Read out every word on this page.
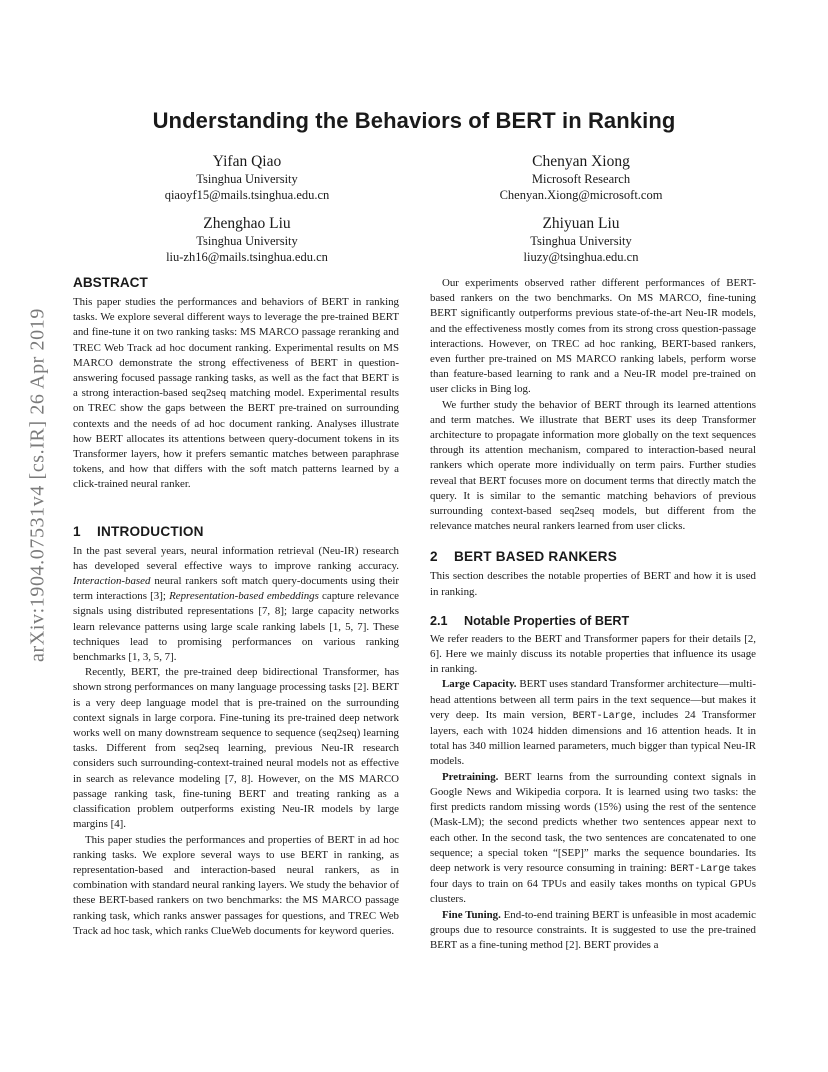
Understanding the Behaviors of BERT in Ranking
Yifan Qiao
Tsinghua University
qiaoyf15@mails.tsinghua.edu.cn
Chenyan Xiong
Microsoft Research
Chenyan.Xiong@microsoft.com
Zhenghao Liu
Tsinghua University
liu-zh16@mails.tsinghua.edu.cn
Zhiyuan Liu
Tsinghua University
liuzy@tsinghua.edu.cn
arXiv:1904.07531v4 [cs.IR] 26 Apr 2019
ABSTRACT

This paper studies the performances and behaviors of BERT in ranking tasks. We explore several different ways to leverage the pre-trained BERT and fine-tune it on two ranking tasks: MS MARCO passage reranking and TREC Web Track ad hoc document ranking. Experimental results on MS MARCO demonstrate the strong effectiveness of BERT in question-answering focused passage ranking tasks, as well as the fact that BERT is a strong interaction-based seq2seq matching model. Experimental results on TREC show the gaps between the BERT pre-trained on surrounding contexts and the needs of ad hoc document ranking. Analyses illustrate how BERT allocates its attentions between query-document tokens in its Transformer layers, how it prefers semantic matches between paraphrase tokens, and how that differs with the soft match patterns learned by a click-trained neural ranker.

1 INTRODUCTION

In the past several years, neural information retrieval (Neu-IR) research has developed several effective ways to improve ranking accuracy. Interaction-based neural rankers soft match query-documents using their term interactions [3]; Representation-based embeddings capture relevance signals using distributed representations [7, 8]; large capacity networks learn relevance patterns using large scale ranking labels [1, 5, 7]. These techniques lead to promising performances on various ranking benchmarks [1, 3, 5, 7].

Recently, BERT, the pre-trained deep bidirectional Transformer, has shown strong performances on many language processing tasks [2]. BERT is a very deep language model that is pre-trained on the surrounding context signals in large corpora. Fine-tuning its pre-trained deep network works well on many downstream sequence to sequence (seq2seq) learning tasks. Different from seq2seq learning, previous Neu-IR research considers such surrounding-context-trained neural models not as effective in search as relevance modeling [7, 8]. However, on the MS MARCO passage ranking task, fine-tuning BERT and treating ranking as a classification problem outperforms existing Neu-IR models by large margins [4].

This paper studies the performances and properties of BERT in ad hoc ranking tasks. We explore several ways to use BERT in ranking, as representation-based and interaction-based neural rankers, as in combination with standard neural ranking layers. We study the behavior of these BERT-based rankers on two benchmarks: the MS MARCO passage ranking task, which ranks answer passages for questions, and TREC Web Track ad hoc task, which ranks ClueWeb documents for keyword queries.

Our experiments observed rather different performances of BERT-based rankers on the two benchmarks. On MS MARCO, fine-tuning BERT significantly outperforms previous state-of-the-art Neu-IR models, and the effectiveness mostly comes from its strong cross question-passage interactions. However, on TREC ad hoc ranking, BERT-based rankers, even further pre-trained on MS MARCO ranking labels, perform worse than feature-based learning to rank and a Neu-IR model pre-trained on user clicks in Bing log.

We further study the behavior of BERT through its learned attentions and term matches. We illustrate that BERT uses its deep Transformer architecture to propagate information more globally on the text sequences through its attention mechanism, compared to interaction-based neural rankers which operate more individually on term pairs. Further studies reveal that BERT focuses more on document terms that directly match the query. It is similar to the semantic matching behaviors of previous surrounding context-based seq2seq models, but different from the relevance matches neural rankers learned from user clicks.

2 BERT BASED RANKERS

This section describes the notable properties of BERT and how it is used in ranking.

2.1 Notable Properties of BERT

We refer readers to the BERT and Transformer papers for their details [2, 6]. Here we mainly discuss its notable properties that influence its usage in ranking.

Large Capacity. BERT uses standard Transformer architecture—multi-head attentions between all term pairs in the text sequence—but makes it very deep. Its main version, BERT-Large, includes 24 Transformer layers, each with 1024 hidden dimensions and 16 attention heads. It in total has 340 million learned parameters, much bigger than typical Neu-IR models.

Pretraining. BERT learns from the surrounding context signals in Google News and Wikipedia corpora. It is learned using two tasks: the first predicts random missing words (15%) using the rest of the sentence (Mask-LM); the second predicts whether two sentences appear next to each other. In the second task, the two sentences are concatenated to one sequence; a special token “[SEP]” marks the sequence boundaries. Its deep network is very resource consuming in training: BERT-Large takes four days to train on 64 TPUs and easily takes months on typical GPUs clusters.

Fine Tuning. End-to-end training BERT is unfeasible in most academic groups due to resource constraints. It is suggested to use the pre-trained BERT as a fine-tuning method [2]. BERT provides a
